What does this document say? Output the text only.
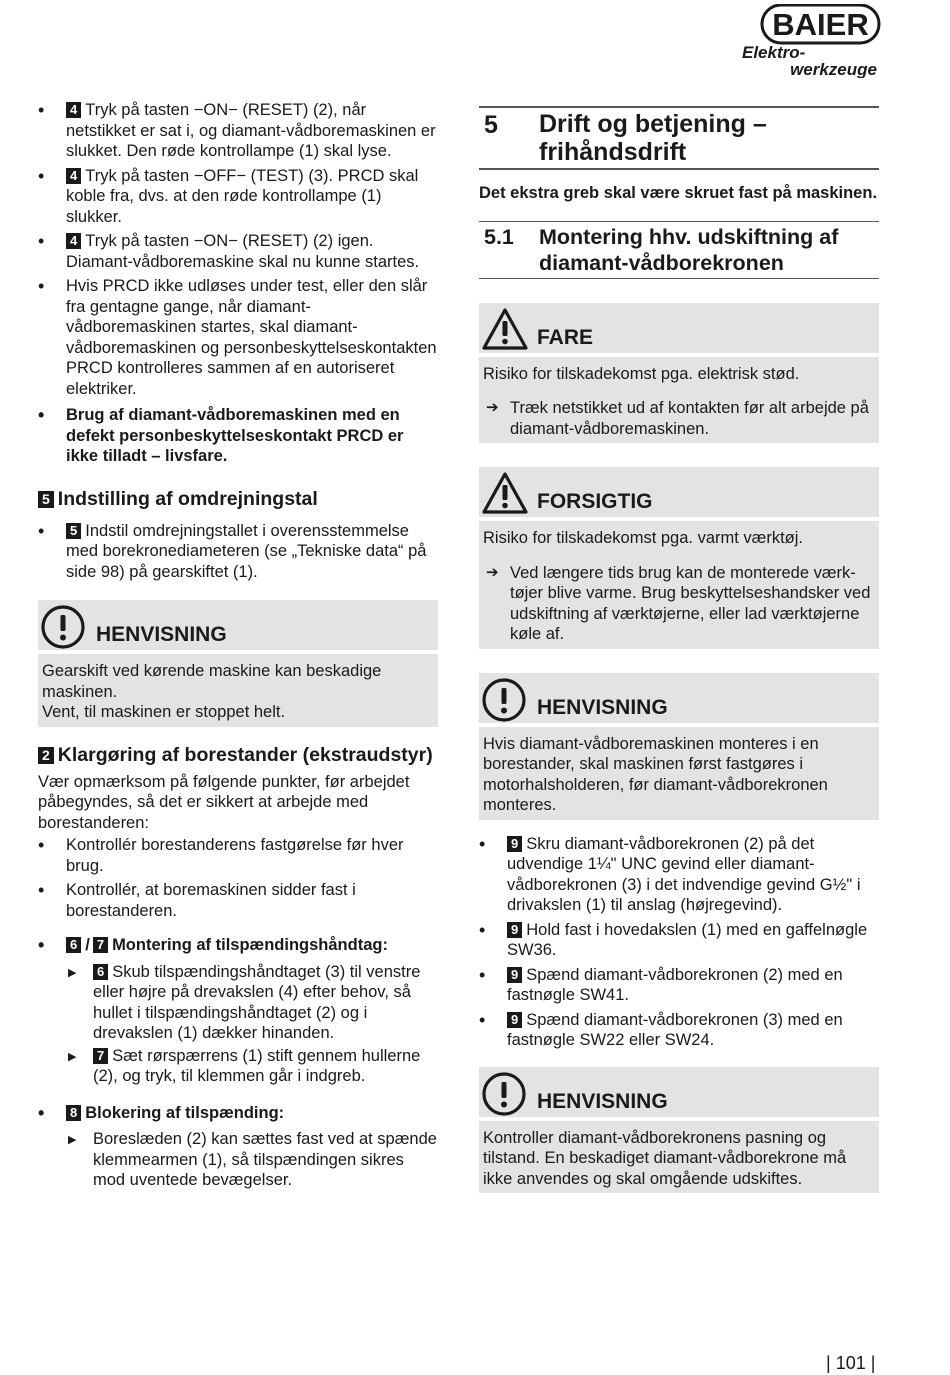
BAIER
Elektro-
werkzeuge
• 4 Tryk på tasten −ON− (RESET) (2), når netstikket er sat i, og diamant-vådboremaskinen er slukket. Den røde kontrollampe (1) skal lyse.
• 4 Tryk på tasten −OFF− (TEST) (3). PRCD skal koble fra, dvs. at den røde kontrollampe (1) slukker.
• 4 Tryk på tasten −ON− (RESET) (2) igen. Diamant-vådboremaskine skal nu kunne startes.
• Hvis PRCD ikke udløses under test, eller den slår fra gentagne gange, når diamant-vådboremaskinen startes, skal diamant-vådboremaskinen og personbeskyttelseskontakten PRCD kontrolleres sammen af en autoriseret elektriker.
• Brug af diamant-vådboremaskinen med en defekt personbeskyttelseskontakt PRCD er ikke tilladt – livsfare.
5 Indstilling af omdrejningstal
• 5 Indstil omdrejningstallet i overensstemmelse med borekronediameteren (se „Tekniske data“ på side 98) på gearskiftet (1).
HENVISNING

Gearskift ved kørende maskine kan beskadige maskinen.

Vent, til maskinen er stoppet helt.

2 Klargøring af borestander (ekstraudstyr)

Vær opmærksom på følgende punkter, før arbejdet påbegyndes, så det er sikkert at arbejde med borestanderen:

• Kontrollér borestanderens fastgørelse før hver brug.
• Kontrollér, at boremaskinen sidder fast i borestanderen.
• 6 / 7 Montering af tilspændingshåndtag:
▶ 6 Skub tilspændingshåndtaget (3) til venstre eller højre på drevakslen (4) efter behov, så hullet i tilspændingshåndtaget (2) og i drevakslen (1) dækker hinanden.
▶ 7 Sæt rørspærrens (1) stift gennem hullerne (2), og tryk, til klemmen går i indgreb.
• 8 Blokering af tilspænding:
▶ Boreslæden (2) kan sættes fast ved at spænde klemmearmen (1), så tilspændingen sikres mod uventede bevægelser.
5	Drift og betjening – frihåndsdrift

Det ekstra greb skal være skruet fast på maskinen.

5.1	Montering hhv. udskiftning af diamant-vådborekronen
FARE

Risiko for tilskadekomst pga. elektrisk stød.

➔ Træk netstikket ud af kontakten før alt arbejde på diamant-vådboremaskinen.
FORSIGTIG

Risiko for tilskadekomst pga. varmt værktøj.

➔ Ved længere tids brug kan de monterede værktøjer blive varme. Brug beskyttelseshandsker ved udskiftning af værktøjerne, eller lad værktøjerne køle af.
HENVISNING

Hvis diamant-vådboremaskinen monteres i en borestander, skal maskinen først fastgøres i motorhalsholderen, før diamant-vådborekronen monteres.

• 9 Skru diamant-vådborekronen (2) på det udvendige 1¼" UNC gevind eller diamant-vådborekronen (3) i det indvendige gevind G½" i drivakslen (1) til anslag (højregevind).
• 9 Hold fast i hovedakslen (1) med en gaffelnøgle SW36.
• 9 Spænd diamant-vådborekronen (2) med en fastnøgle SW41.
• 9 Spænd diamant-vådborekronen (3) med en fastnøgle SW22 eller SW24.
HENVISNING

Kontroller diamant-vådborekronens pasning og tilstand. En beskadiget diamant-vådborekrone må ikke anvendes og skal omgående udskiftes.

| 101 |
